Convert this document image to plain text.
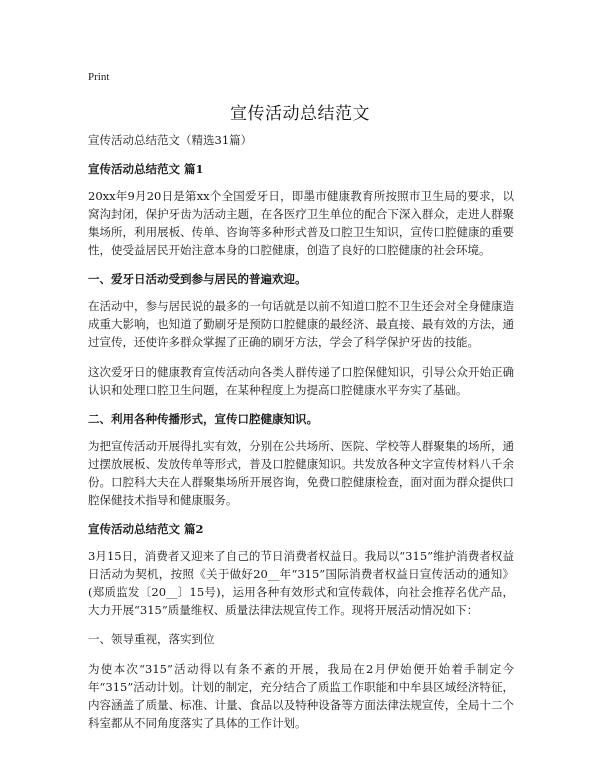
Print
宣传活动总结范文

宣传活动总结范文（精选31篇）

宣传活动总结范文 篇1

20xx年9月20日是第xx个全国爱牙日，即墨市健康教育所按照市卫生局的要求，以窝沟封闭，保护牙齿为活动主题，在各医疗卫生单位的配合下深入群众，走进人群聚集场所，利用展板、传单、咨询等多种形式普及口腔卫生知识，宣传口腔健康的重要性，使受益居民开始注意本身的口腔健康，创造了良好的口腔健康的社会环境。

一、爱牙日活动受到参与居民的普遍欢迎。

在活动中，参与居民说的最多的一句话就是以前不知道口腔不卫生还会对全身健康造成重大影响，也知道了勤刷牙是预防口腔健康的最经济、最直接、最有效的方法，通过宣传，还使许多群众掌握了正确的刷牙方法，学会了科学保护牙齿的技能。

这次爱牙日的健康教育宣传活动向各类人群传递了口腔保健知识，引导公众开始正确认识和处理口腔卫生问题，在某种程度上为提高口腔健康水平夯实了基础。

二、利用各种传播形式，宣传口腔健康知识。

为把宣传活动开展得扎实有效，分别在公共场所、医院、学校等人群聚集的场所，通过摆放展板、发放传单等形式，普及口腔健康知识。共发放各种文字宣传材料八千余份。口腔科大夫在人群聚集场所开展咨询，免费口腔健康检查，面对面为群众提供口腔保健技术指导和健康服务。

宣传活动总结范文 篇2

3月15日，消费者又迎来了自己的节日消费者权益日。我局以“315”维护消费者权益日活动为契机，按照《关于做好20__年“315”国际消费者权益日宣传活动的通知》(郑质监发〔20__〕15号)，运用各种有效形式和宣传载体，向社会推荐名优产品，大力开展“315”质量维权、质量法律法规宣传工作。现将开展活动情况如下：

一、领导重视，落实到位

为使本次“315”活动得以有条不紊的开展，我局在2月伊始便开始着手制定今年“315”活动计划。计划的制定，充分结合了质监工作职能和中牟县区域经济特征，内容涵盖了质量、标准、计量、食品以及特种设备等方面法律法规宣传，全局十二个科室都从不同角度落实了具体的工作计划。
